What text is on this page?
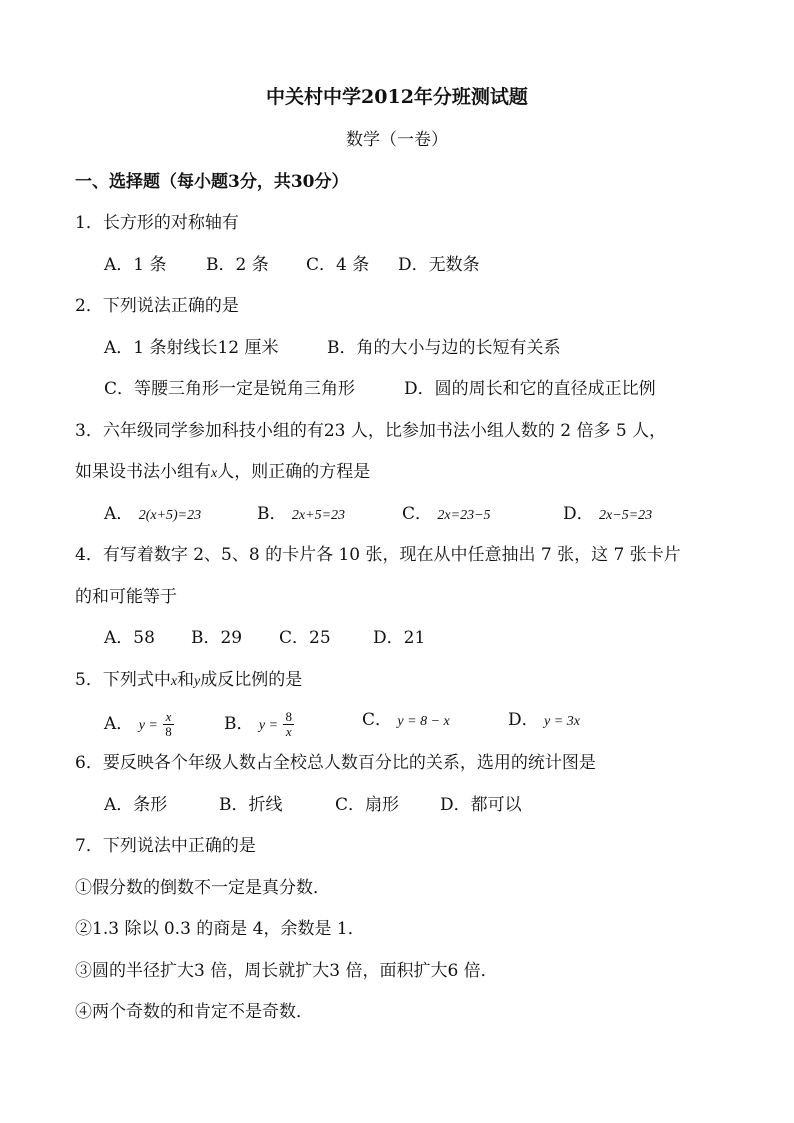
中关村中学2012年分班测试题
数学（一卷）
一、选择题（每小题3分，共30分）
1．长方形的对称轴有
A．1 条 B．2 条 C．4 条 D．无数条
2．下列说法正确的是
A．1 条射线长12 厘米	B．角的大小与边的长短有关系
C．等腰三角形一定是锐角三角形	D．圆的周长和它的直径成正比例
3．六年级同学参加科技小组的有23 人，比参加书法小组人数的 2 倍多 5 人，
如果设书法小组有x人，则正确的方程是
A． 2(x+5)=23	B． 2x+5=23	C． 2x=23−5	D． 2x−5=23
4．有写着数字 2、5、8 的卡片各 10 张，现在从中任意抽出 7 张，这 7 张卡片
的和可能等于
A．58 B．29 C．25 D．21
5．下列式中x和y成反比例的是
A． $y = \frac{x}{8}$	B． $y = \frac{8}{x}$	C． y = 8 − x	D． y = 3x
6．要反映各个年级人数占全校总人数百分比的关系，选用的统计图是
A．条形	B．折线	C．扇形 D．都可以
7．下列说法中正确的是
①假分数的倒数不一定是真分数．
②1.3 除以 0.3 的商是 4，余数是 1．
③圆的半径扩大3 倍，周长就扩大3 倍，面积扩大6 倍．
④两个奇数的和肯定不是奇数．
